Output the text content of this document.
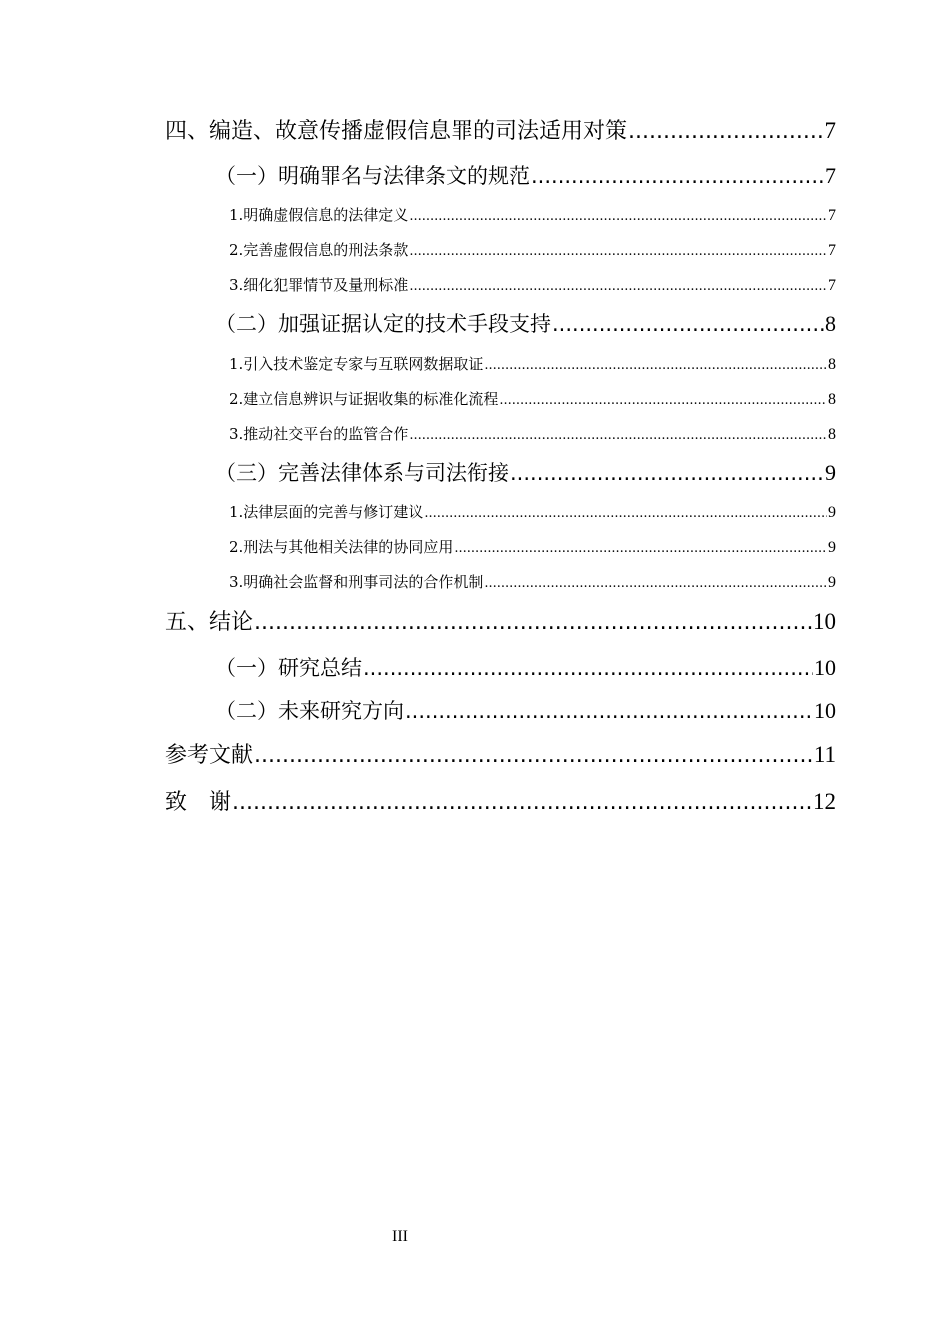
四、编造、故意传播虚假信息罪的司法适用对策 .....	7
（一）明确罪名与法律条文的规范 .....	7
1.明确虚假信息的法律定义 .....	7
2.完善虚假信息的刑法条款 .....	7
3.细化犯罪情节及量刑标准 .....	7
（二）加强证据认定的技术手段支持 .....	8
1.引入技术鉴定专家与互联网数据取证 .....	8
2.建立信息辨识与证据收集的标准化流程 .....	8
3.推动社交平台的监管合作 .....	8
（三）完善法律体系与司法衔接 .....	9
1.法律层面的完善与修订建议 .....	9
2.刑法与其他相关法律的协同应用 .....	9
3.明确社会监督和刑事司法的合作机制 .....	9
五、结论 .....	10
（一）研究总结 .....	10
（二）未来研究方向 .....	10
参考文献 .....	11
致　谢 .....	12
III
